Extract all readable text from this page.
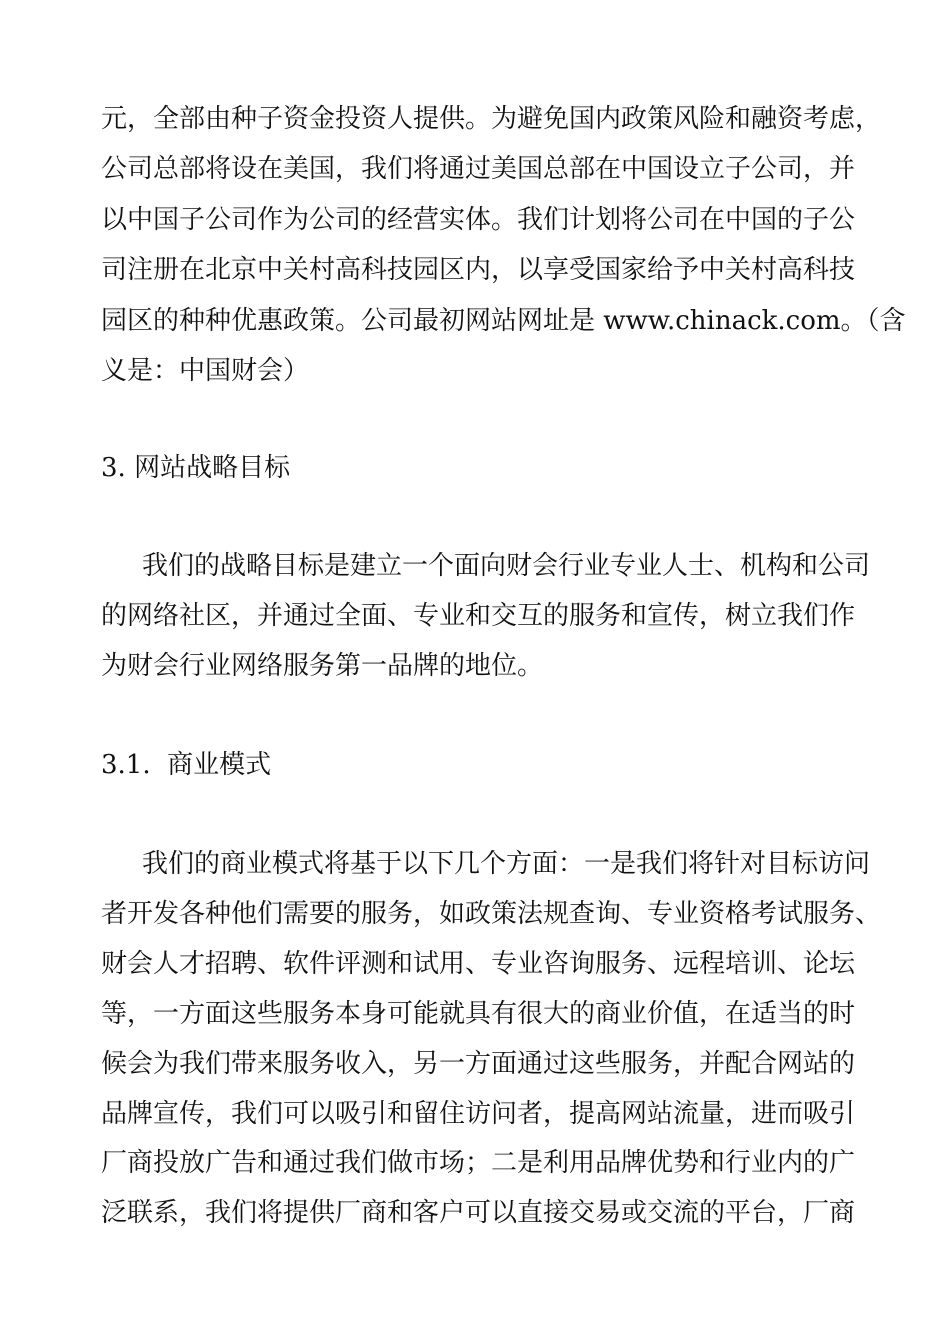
元，全部由种子资金投资人提供。为避免国内政策风险和融资考虑，
公司总部将设在美国，我们将通过美国总部在中国设立子公司，并
以中国子公司作为公司的经营实体。我们计划将公司在中国的子公
司注册在北京中关村高科技园区内，以享受国家给予中关村高科技
园区的种种优惠政策。公司最初网站网址是 www.chinack.com。（含
义是：中国财会）
3. 网站战略目标
我们的战略目标是建立一个面向财会行业专业人士、机构和公司
的网络社区，并通过全面、专业和交互的服务和宣传，树立我们作
为财会行业网络服务第一品牌的地位。
3.1.  商业模式
我们的商业模式将基于以下几个方面：一是我们将针对目标访问
者开发各种他们需要的服务，如政策法规查询、专业资格考试服务、
财会人才招聘、软件评测和试用、专业咨询服务、远程培训、论坛
等，一方面这些服务本身可能就具有很大的商业价值，在适当的时
候会为我们带来服务收入，另一方面通过这些服务，并配合网站的
品牌宣传，我们可以吸引和留住访问者，提高网站流量，进而吸引
厂商投放广告和通过我们做市场；二是利用品牌优势和行业内的广
泛联系，我们将提供厂商和客户可以直接交易或交流的平台，厂商
